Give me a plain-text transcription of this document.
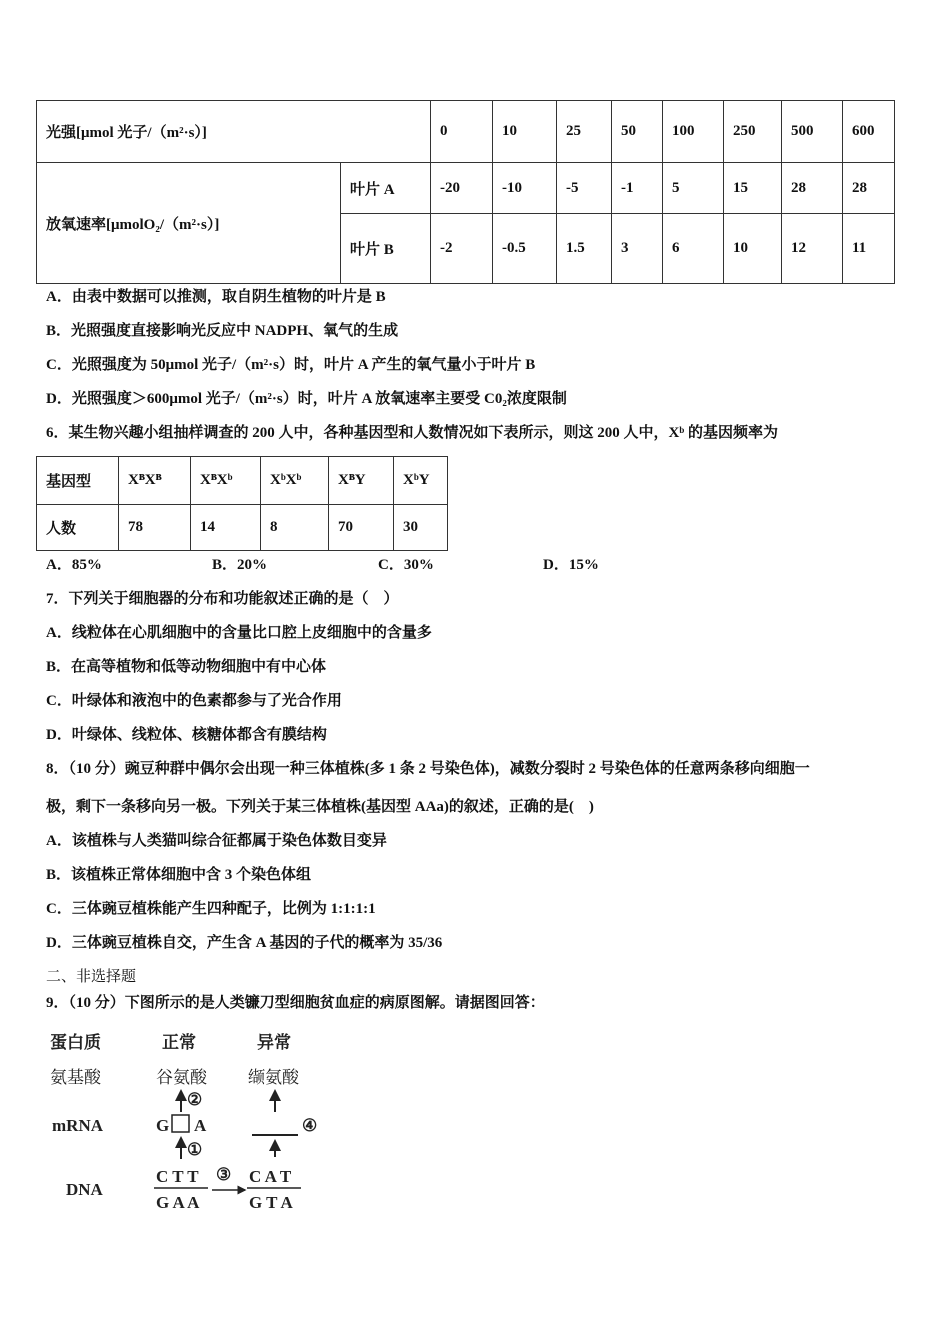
光强[μmol 光子/（m²·s）]		0	10	25	50	100	250	500	600
放氧速率[μmolO₂/（m²·s）]	叶片 A	-20	-10	-5	-1	5	15	28	28
	叶片 B	-2	-0.5	1.5	3	6	10	12	11
A．由表中数据可以推测，取自阴生植物的叶片是 B
B．光照强度直接影响光反应中 NADPH、氧气的生成
C．光照强度为 50μmol 光子/（m²·s）时，叶片 A 产生的氧气量小于叶片 B
D．光照强度＞600μmol 光子/（m²·s）时，叶片 A 放氧速率主要受 C0₂浓度限制
6．某生物兴趣小组抽样调查的 200 人中，各种基因型和人数情况如下表所示，则这 200 人中，Xᵇ 的基因频率为
基因型	XᴮXᴮ	XᴮXᵇ	XᵇXᵇ	XᴮY	XᵇY
人数	78	14	8	70	30
A．85%	B．20%	C．30%	D．15%
7．下列关于细胞器的分布和功能叙述正确的是（　）
A．线粒体在心肌细胞中的含量比口腔上皮细胞中的含量多
B．在高等植物和低等动物细胞中有中心体
C．叶绿体和液泡中的色素都参与了光合作用
D．叶绿体、线粒体、核糖体都含有膜结构
8．（10 分）豌豆种群中偶尔会出现一种三体植株(多 1 条 2 号染色体)，减数分裂时 2 号染色体的任意两条移向细胞一
极，剩下一条移向另一极。下列关于某三体植株(基因型 AAa)的叙述，正确的是(　)
A．该植株与人类猫叫综合征都属于染色体数目变异
B．该植株正常体细胞中含 3 个染色体组
C．三体豌豆植株能产生四种配子，比例为 1:1:1:1
D．三体豌豆植株自交，产生含 A 基因的子代的概率为 35/36
二、非选择题
9．（10 分）下图所示的是人类镰刀型细胞贫血症的病原图解。请据图回答：
蛋白质	正常	异常
氨基酸	谷氨酸 缬氨酸
②
mRNA	G A
①
④
DNA
C T T
G A A
③ C A T
G T A
